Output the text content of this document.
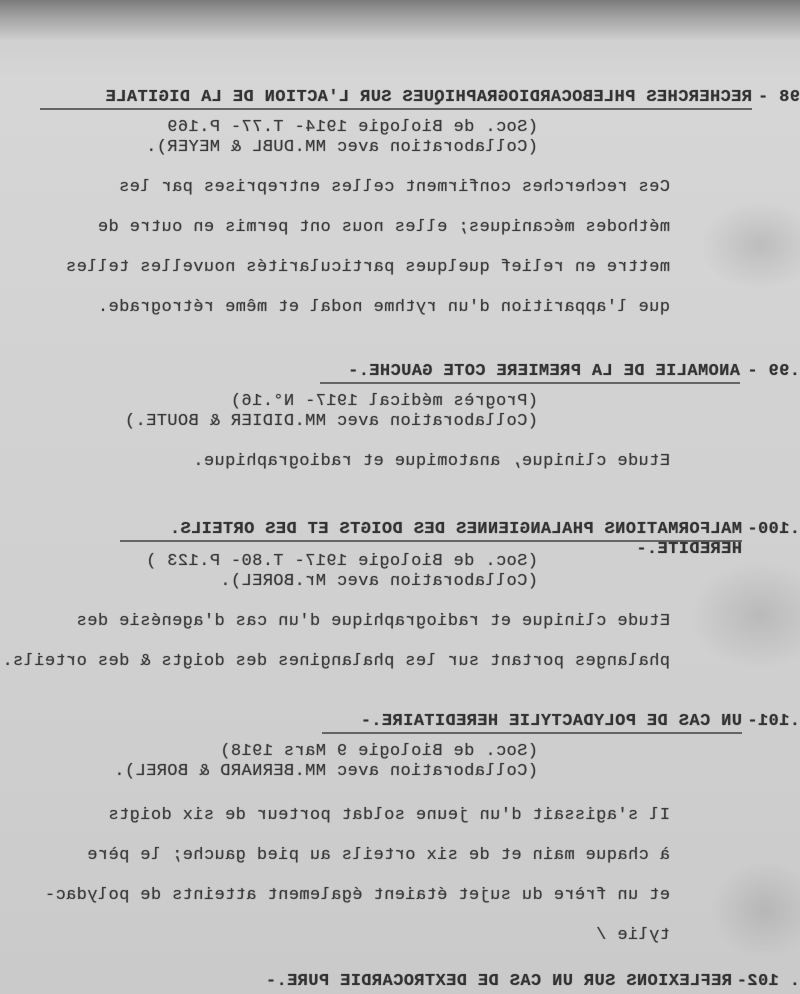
98 -
RECHERCHES PHLEBOCARDIOGRAPHIQUES SUR L'ACTION DE LA DIGITALE
(Soc. de Biologie 1914- T.77- P.169
(Collaboration avec MM.DUBL & MEYER).
Ces recherches confirment celles entreprises par les
méthodes mécaniques; elles nous ont permis en outre de
mettre en relief quelques particularités nouvelles telles
que l'apparition d'un rythme nodal et même rétrograde.
.99 -
ANOMALIE DE LA PREMIERE COTE GAUCHE.-
(Progrès médical 1917- N°.16)
(Collaboration avec MM.DIDIER & BOUTE.)
Etude clinique, anatomique et radiographique.
.100-
MALFORMATIONS PHALANGIENNES DES DOIGTS ET DES ORTEILS.
HEREDITE.-
(Soc. de Biologie 1917- T.80- P.123 )
(Collaboration avec Mr.BOREL).
Etude clinique et radiographique d'un cas d'agenésie des
phalanges portant sur les phalangines des doigts & des orteils.
.101-
UN CAS DE POLYDACTYLIE HEREDITAIRE.-
(Soc. de Biologie 9 Mars 1918)
(Collaboration avec MM.BERNARD & BOREL).
Il s'agissait d'un jeune soldat porteur de six doigts
à chaque main et de six orteils au pied gauche; le père
et un frère du sujet étaient également atteints de polydac-
tylie /
. 102-
REFLEXIONS SUR UN CAS DE DEXTROCARDIE PURE.-
